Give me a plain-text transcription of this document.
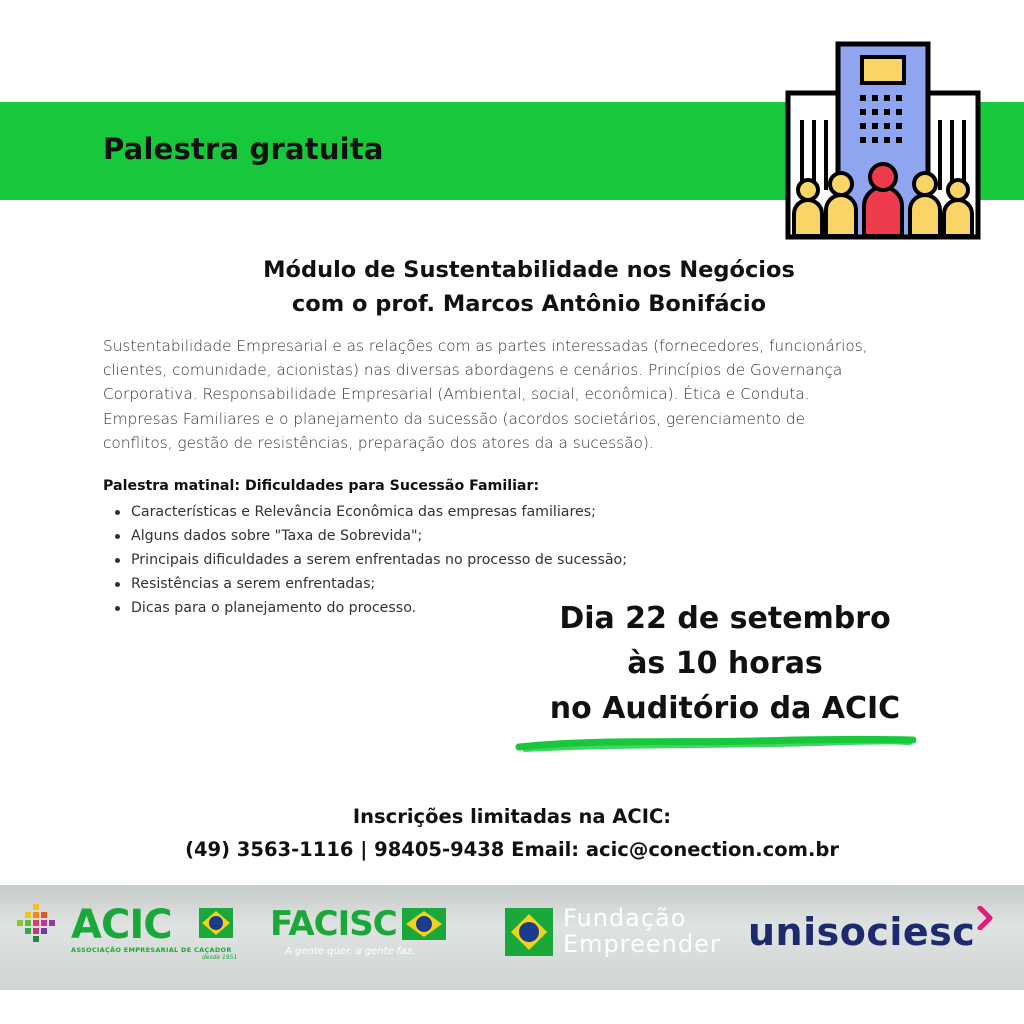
Palestra gratuita
Módulo de Sustentabilidade nos Negócios
com o prof. Marcos Antônio Bonifácio
Sustentabilidade Empresarial e as relações com as partes interessadas (fornecedores, funcionários,
clientes, comunidade, acionistas) nas diversas abordagens e cenários. Princípios de Governança
Corporativa. Responsabilidade Empresarial (Ambiental, social, econômica). Ética e Conduta.
Empresas Familiares e o planejamento da sucessão (acordos societários, gerenciamento de
conflitos, gestão de resistências, preparação dos atores da a sucessão).
Palestra matinal: Dificuldades para Sucessão Familiar:
Características e Relevância Econômica das empresas familiares;
Alguns dados sobre "Taxa de Sobrevida";
Principais dificuldades a serem enfrentadas no processo de sucessão;
Resistências a serem enfrentadas;
Dicas para o planejamento do processo.	Dia 22 de setembro
às 10 horas
no Auditório da ACIC
Inscrições limitadas na ACIC:
(49) 3563-1116 | 98405-9438 Email: acic@conection.com.br
ACIC
ASSOCIAÇÃO EMPRESARIAL DE CAÇADOR
desde 1951
FACISC
A gente quer, a gente faz.
Fundação
Empreender unisociesc
